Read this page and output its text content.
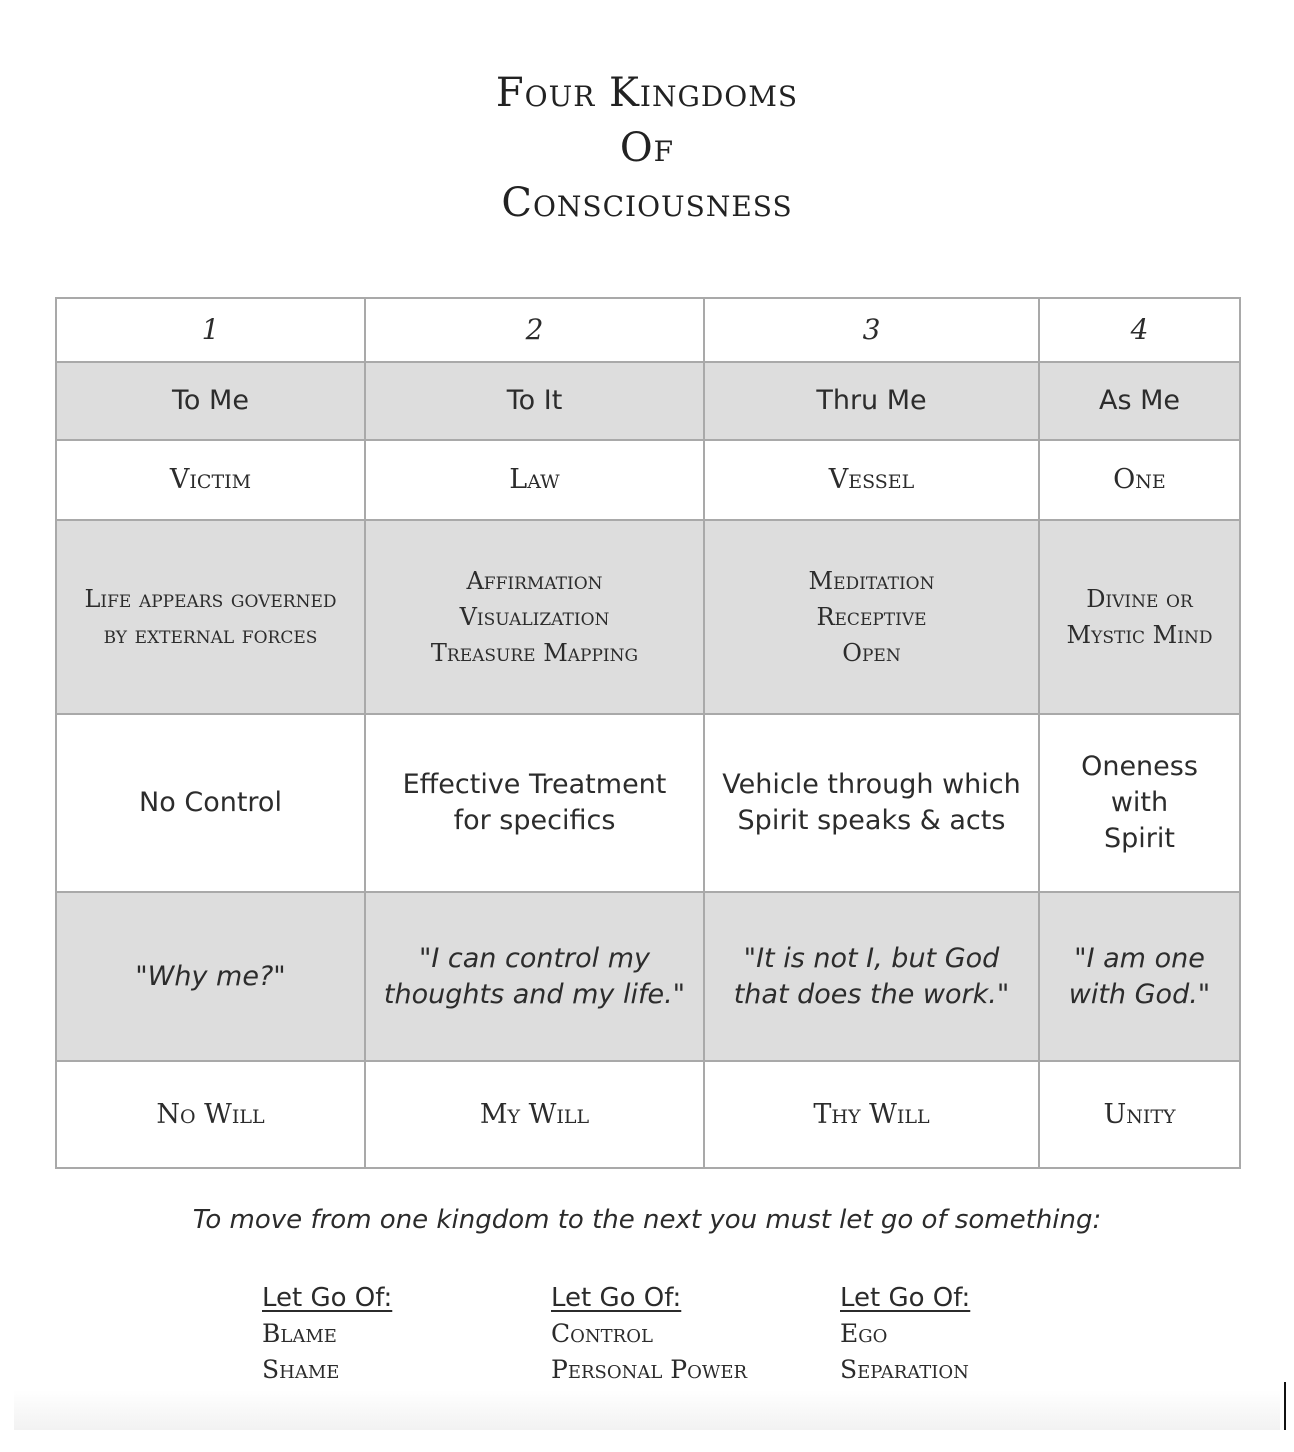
Four Kingdoms
Of
Consciousness
1	2	3	4
To Me	To It	Thru Me	As Me
Victim	Law	Vessel	One

Life appears governed
by external forces	Affirmation
Visualization
Treasure Mapping	Meditation
Receptive
Open	Divine or
Mystic Mind

No Control	Effective Treatment
for specifics	Vehicle through which
Spirit speaks & acts	Oneness
with
Spirit

"Why me?"	"I can control my
thoughts and my life."	"It is not I, but God
that does the work."	"I am one
with God."

No Will	My Will	Thy Will	Unity
To move from one kingdom to the next you must let go of something:
Let Go Of:
Blame
Shame
Let Go Of:
Control
Personal Power
Let Go Of:
Ego
Separation
